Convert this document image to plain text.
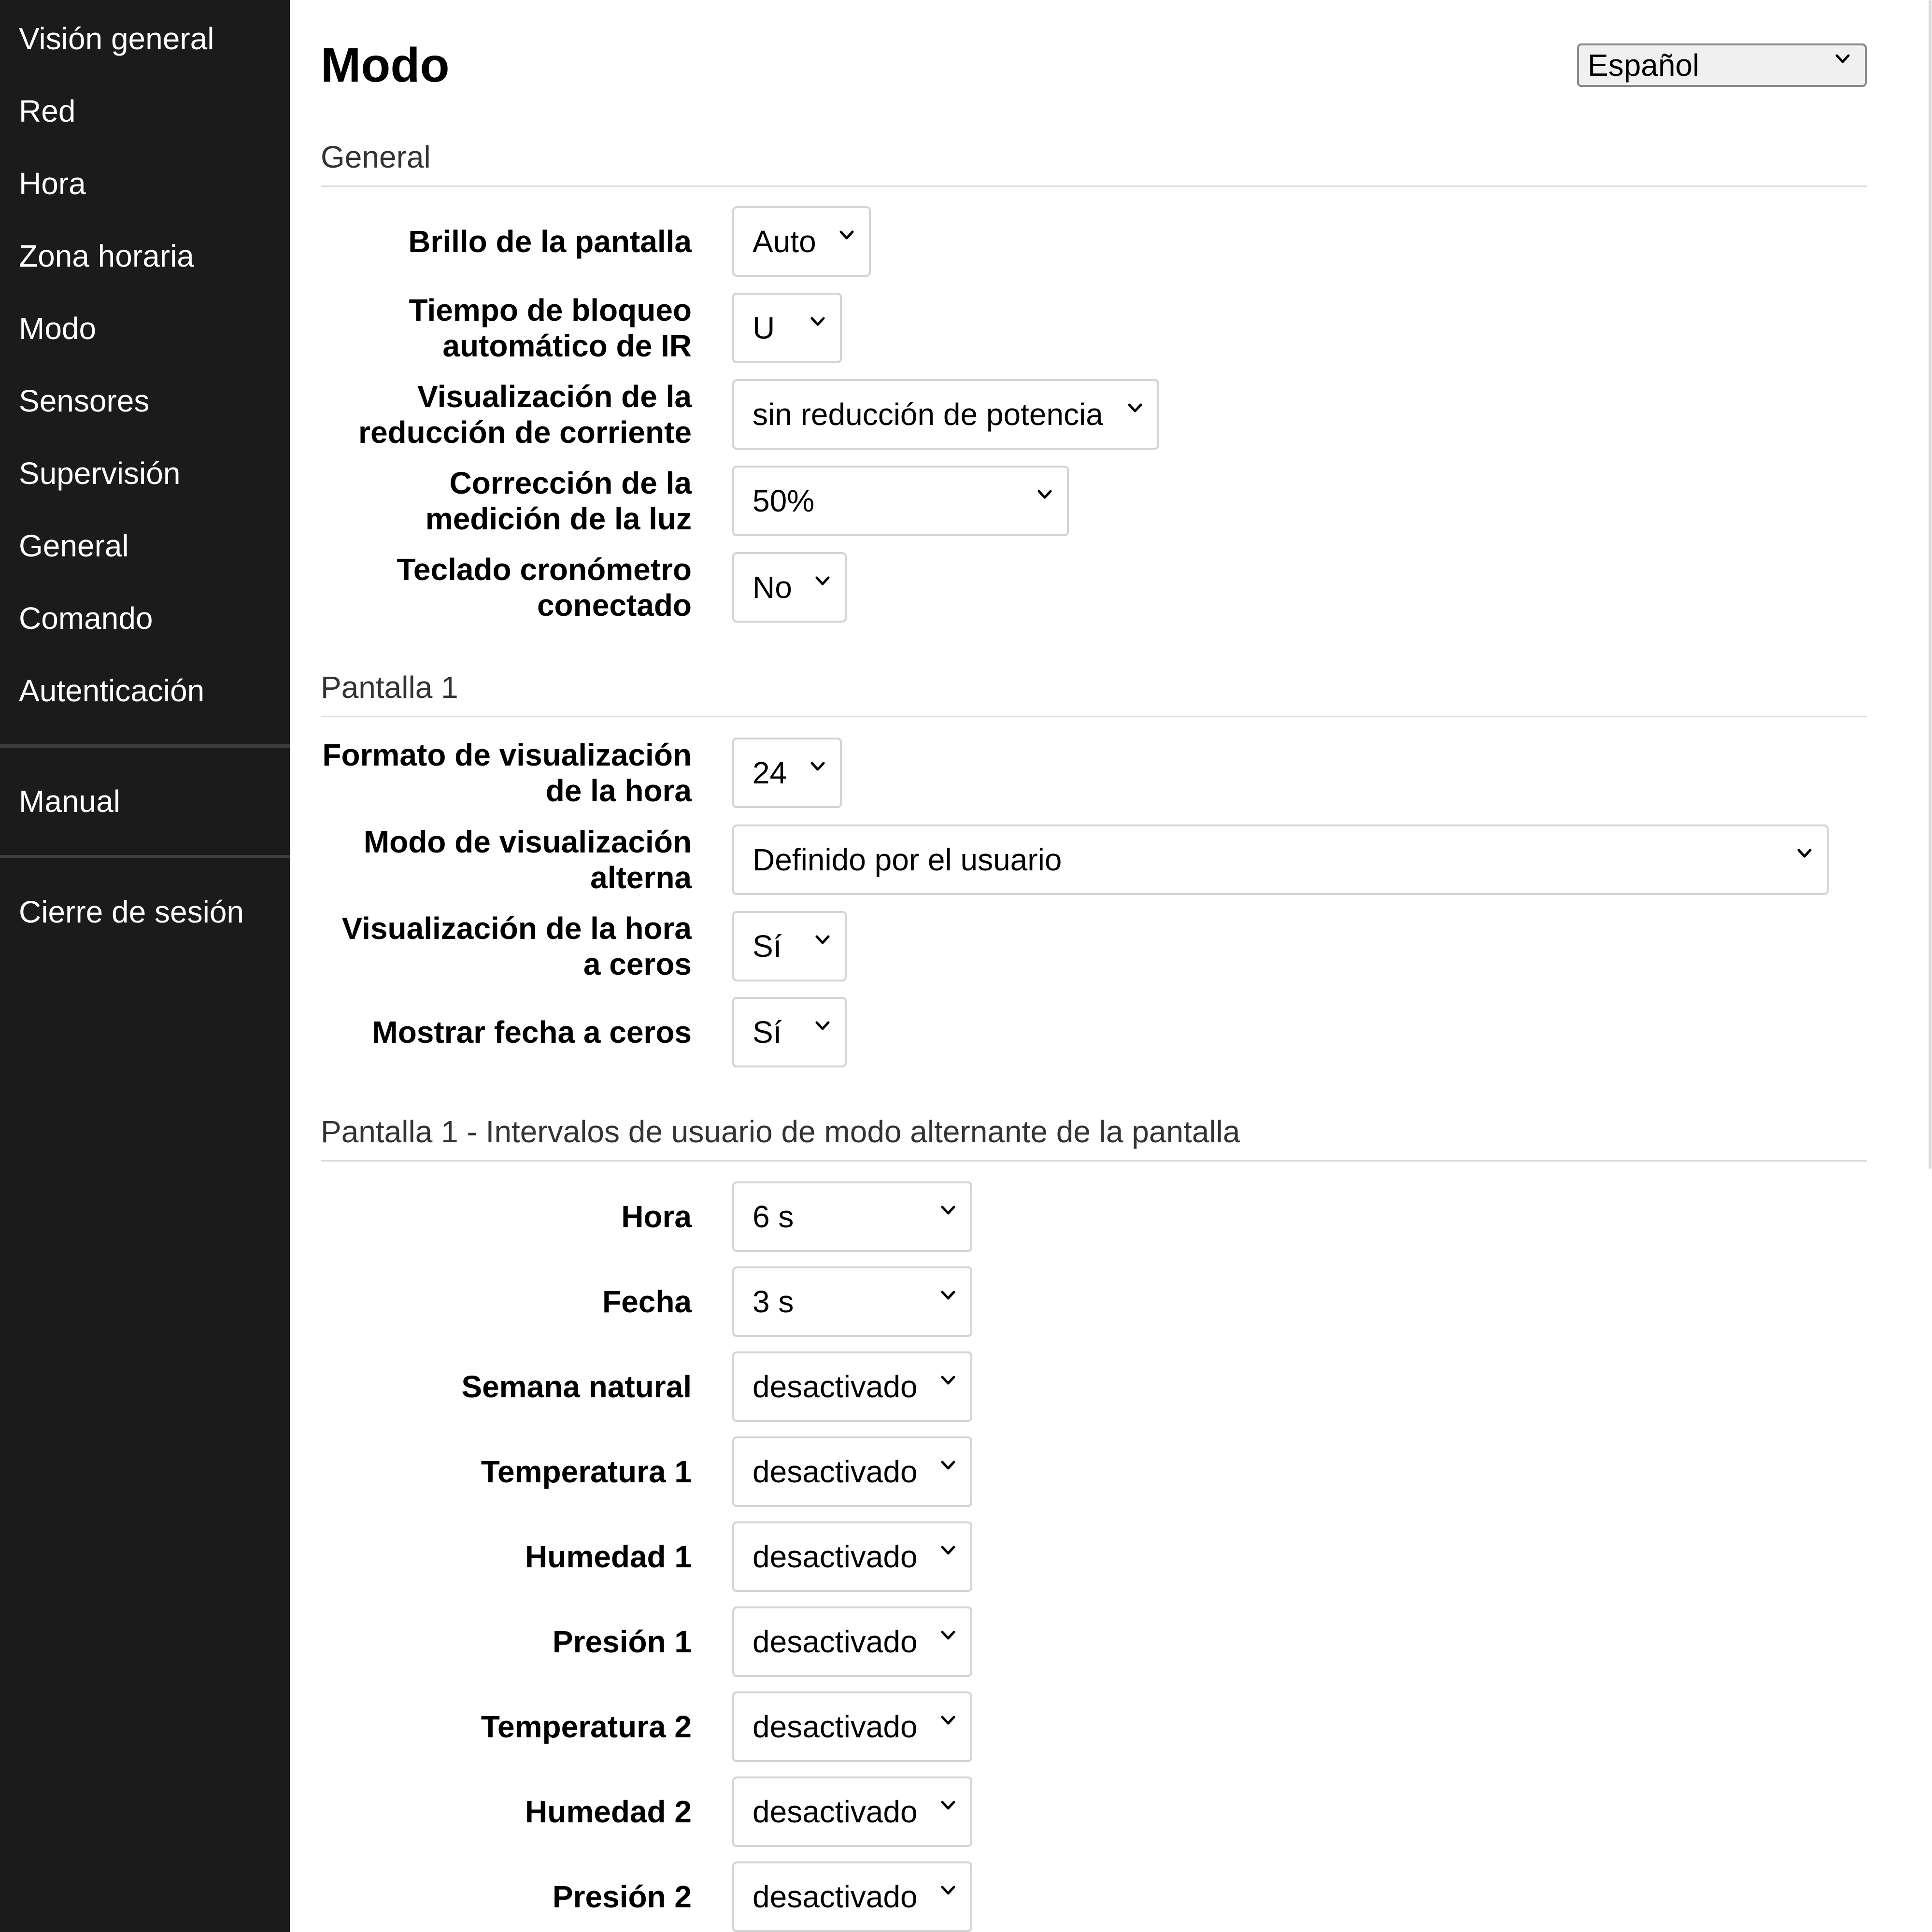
Visión general
Red
Hora
Zona horaria
Modo
Sensores
Supervisión
General
Comando
Autenticación
Manual
Cierre de sesión
Modo	Español
General
Brillo de la pantalla Auto
Tiempo de bloqueo
automático de IR
U
Visualización de la
reducción de corriente
sin reducción de potencia
Corrección de la
medición de la luz
50%
Teclado cronómetro
conectado
No
Pantalla 1
Formato de visualización
de la hora
24
Modo de visualización
alterna
Definido por el usuario
Visualización de la hora
a ceros
Sí
Mostrar fecha a ceros Sí
Pantalla 1 - Intervalos de usuario de modo alternante de la pantalla
Hora 6 s
Fecha 3 s
Semana natural desactivado
Temperatura 1 desactivado
Humedad 1 desactivado
Presión 1 desactivado
Temperatura 2 desactivado
Humedad 2 desactivado
Presión 2 desactivado
